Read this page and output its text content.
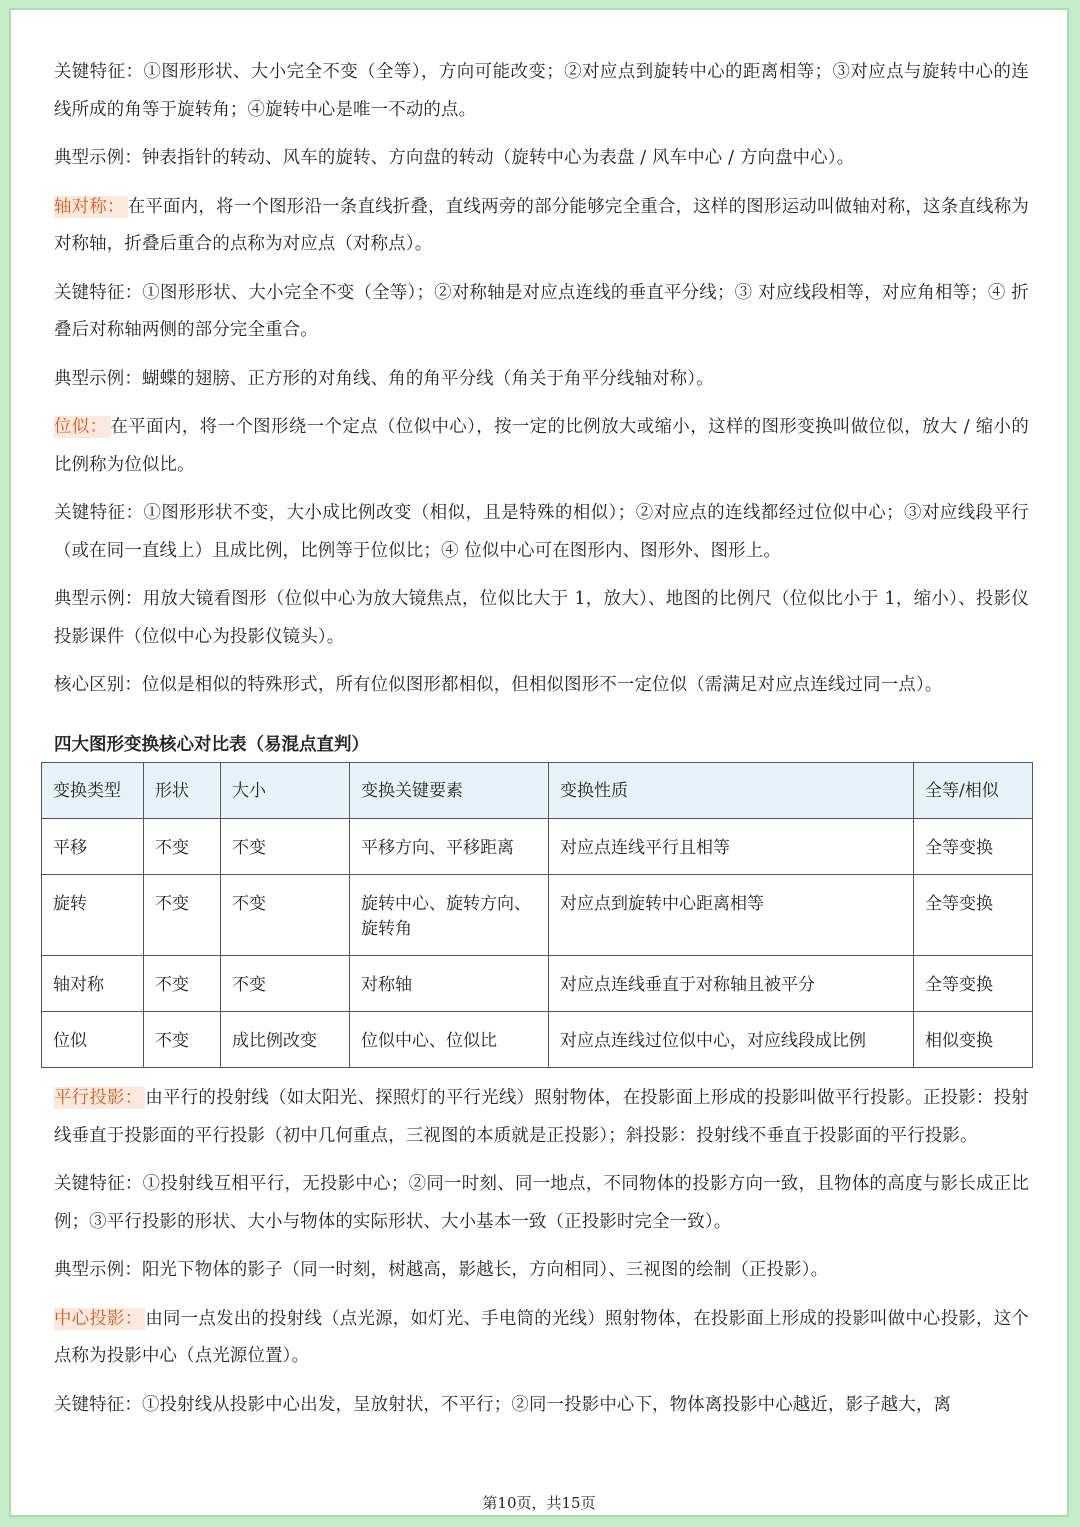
关键特征：①图形形状、大小完全不变（全等），方向可能改变；②对应点到旋转中心的距离相等；③对应点与旋转中心的连线所成的角等于旋转角；④旋转中心是唯一不动的点。

典型示例：钟表指针的转动、风车的旋转、方向盘的转动（旋转中心为表盘 / 风车中心 / 方向盘中心）。

轴对称： 在平面内，将一个图形沿一条直线折叠，直线两旁的部分能够完全重合，这样的图形运动叫做轴对称，这条直线称为对称轴，折叠后重合的点称为对应点（对称点）。

关键特征：①图形形状、大小完全不变（全等）；②对称轴是对应点连线的垂直平分线；③ 对应线段相等，对应角相等；④ 折叠后对称轴两侧的部分完全重合。

典型示例：蝴蝶的翅膀、正方形的对角线、角的角平分线（角关于角平分线轴对称）。

位似： 在平面内，将一个图形绕一个定点（位似中心），按一定的比例放大或缩小，这样的图形变换叫做位似，放大 / 缩小的比例称为位似比。

关键特征：①图形形状不变，大小成比例改变（相似，且是特殊的相似）；②对应点的连线都经过位似中心；③对应线段平行（或在同一直线上）且成比例，比例等于位似比；④ 位似中心可在图形内、图形外、图形上。

典型示例：用放大镜看图形（位似中心为放大镜焦点，位似比大于 1，放大）、地图的比例尺（位似比小于 1，缩小）、投影仪投影课件（位似中心为投影仪镜头）。

核心区别：位似是相似的特殊形式，所有位似图形都相似，但相似图形不一定位似（需满足对应点连线过同一点）。

四大图形变换核心对比表（易混点直判）
变换类型	形状	大小	变换关键要素	变换性质	全等/相似
平移	不变	不变	平移方向、平移距离	对应点连线平行且相等	全等变换
旋转	不变	不变	旋转中心、旋转方向、旋转角	对应点到旋转中心距离相等	全等变换
轴对称	不变	不变	对称轴	对应点连线垂直于对称轴且被平分	全等变换
位似	不变	成比例改变	位似中心、位似比	对应点连线过位似中心，对应线段成比例	相似变换

平行投影： 由平行的投射线（如太阳光、探照灯的平行光线）照射物体，在投影面上形成的投影叫做平行投影。正投影：投射线垂直于投影面的平行投影（初中几何重点，三视图的本质就是正投影）；斜投影：投射线不垂直于投影面的平行投影。

关键特征：①投射线互相平行，无投影中心；②同一时刻、同一地点，不同物体的投影方向一致，且物体的高度与影长成正比例；③平行投影的形状、大小与物体的实际形状、大小基本一致（正投影时完全一致）。

典型示例：阳光下物体的影子（同一时刻，树越高，影越长，方向相同）、三视图的绘制（正投影）。

中心投影： 由同一点发出的投射线（点光源，如灯光、手电筒的光线）照射物体，在投影面上形成的投影叫做中心投影，这个点称为投影中心（点光源位置）。

关键特征：①投射线从投影中心出发，呈放射状，不平行；②同一投影中心下，物体离投影中心越近，影子越大，离

第10页，共15页
